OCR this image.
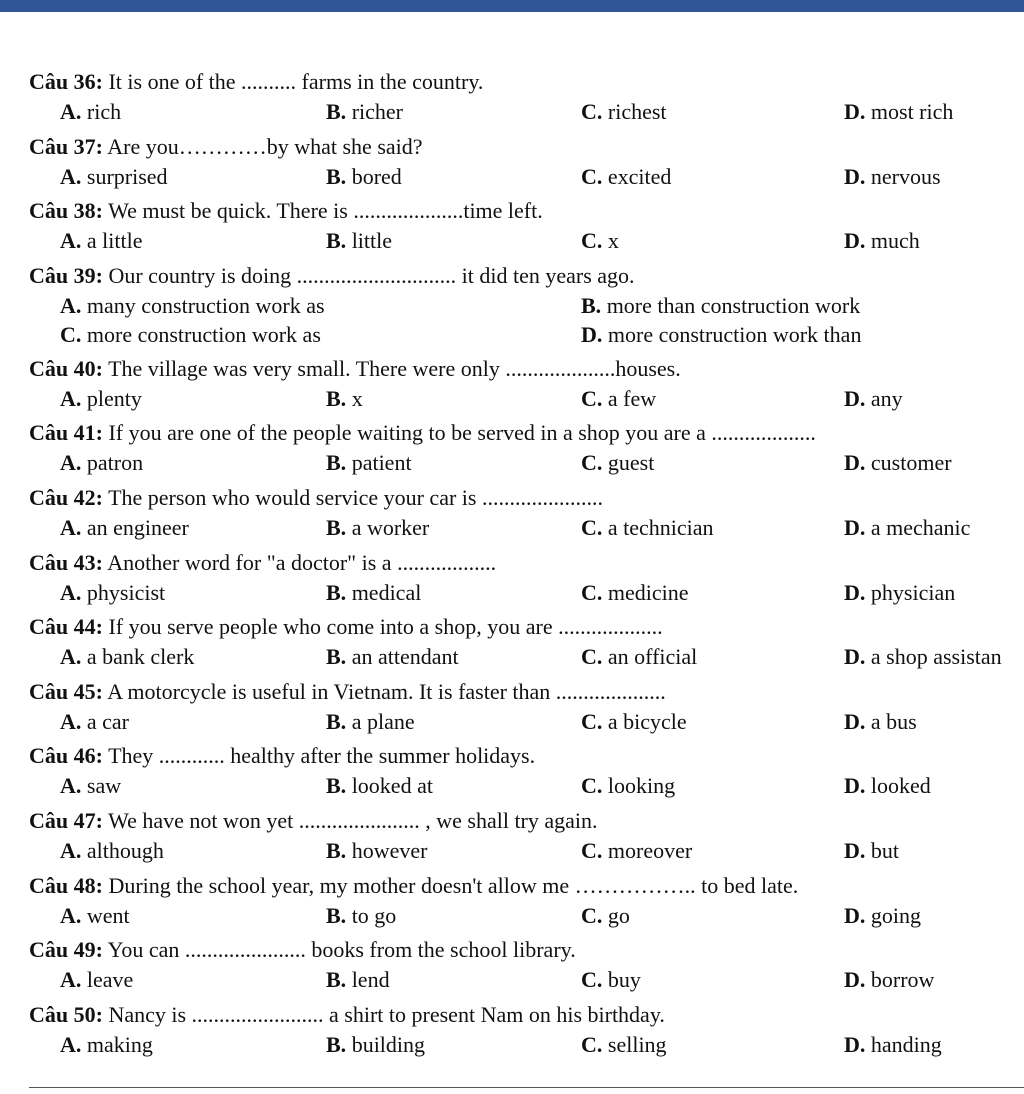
Câu 36: It is one of the .......... farms in the country.
A. rich	B. richer	C. richest	D. most rich
Câu 37: Are you…………by what she said?
A. surprised	B. bored	C. excited	D. nervous
Câu 38: We must be quick. There is ....................time left.
A. a little	B. little	C. x	D. much
Câu 39: Our country is doing ............................. it did ten years ago.
A. many construction work as	B. more than construction work
C. more construction work as	D. more construction work than
Câu 40: The village was very small. There were only ....................houses.
A. plenty	B. x	C. a few	D. any
Câu 41: If you are one of the people waiting to be served in a shop you are a ...................
A. patron	B. patient	C. guest	D. customer
Câu 42: The person who would service your car is ......................
A. an engineer	B. a worker	C. a technician	D. a mechanic
Câu 43: Another word for "a doctor" is a ..................
A. physicist	B. medical	C. medicine	D. physician
Câu 44: If you serve people who come into a shop, you are ...................
A. a bank clerk	B. an attendant	C. an official	D. a shop assistan
Câu 45: A motorcycle is useful in Vietnam. It is faster than ....................
A. a car	B. a plane	C. a bicycle	D. a bus
Câu 46: They ............ healthy after the summer holidays.
A. saw	B. looked at	C. looking	D. looked
Câu 47: We have not won yet ...................... , we shall try again.
A. although	B. however	C. moreover	D. but
Câu 48: During the school year, my mother doesn't allow me …………….. to bed late.
A. went	B. to go	C. go	D. going
Câu 49: You can ...................... books from the school library.
A. leave	B. lend	C. buy	D. borrow
Câu 50: Nancy is ........................ a shirt to present Nam on his birthday.
A. making	B. building	C. selling	D. handing
